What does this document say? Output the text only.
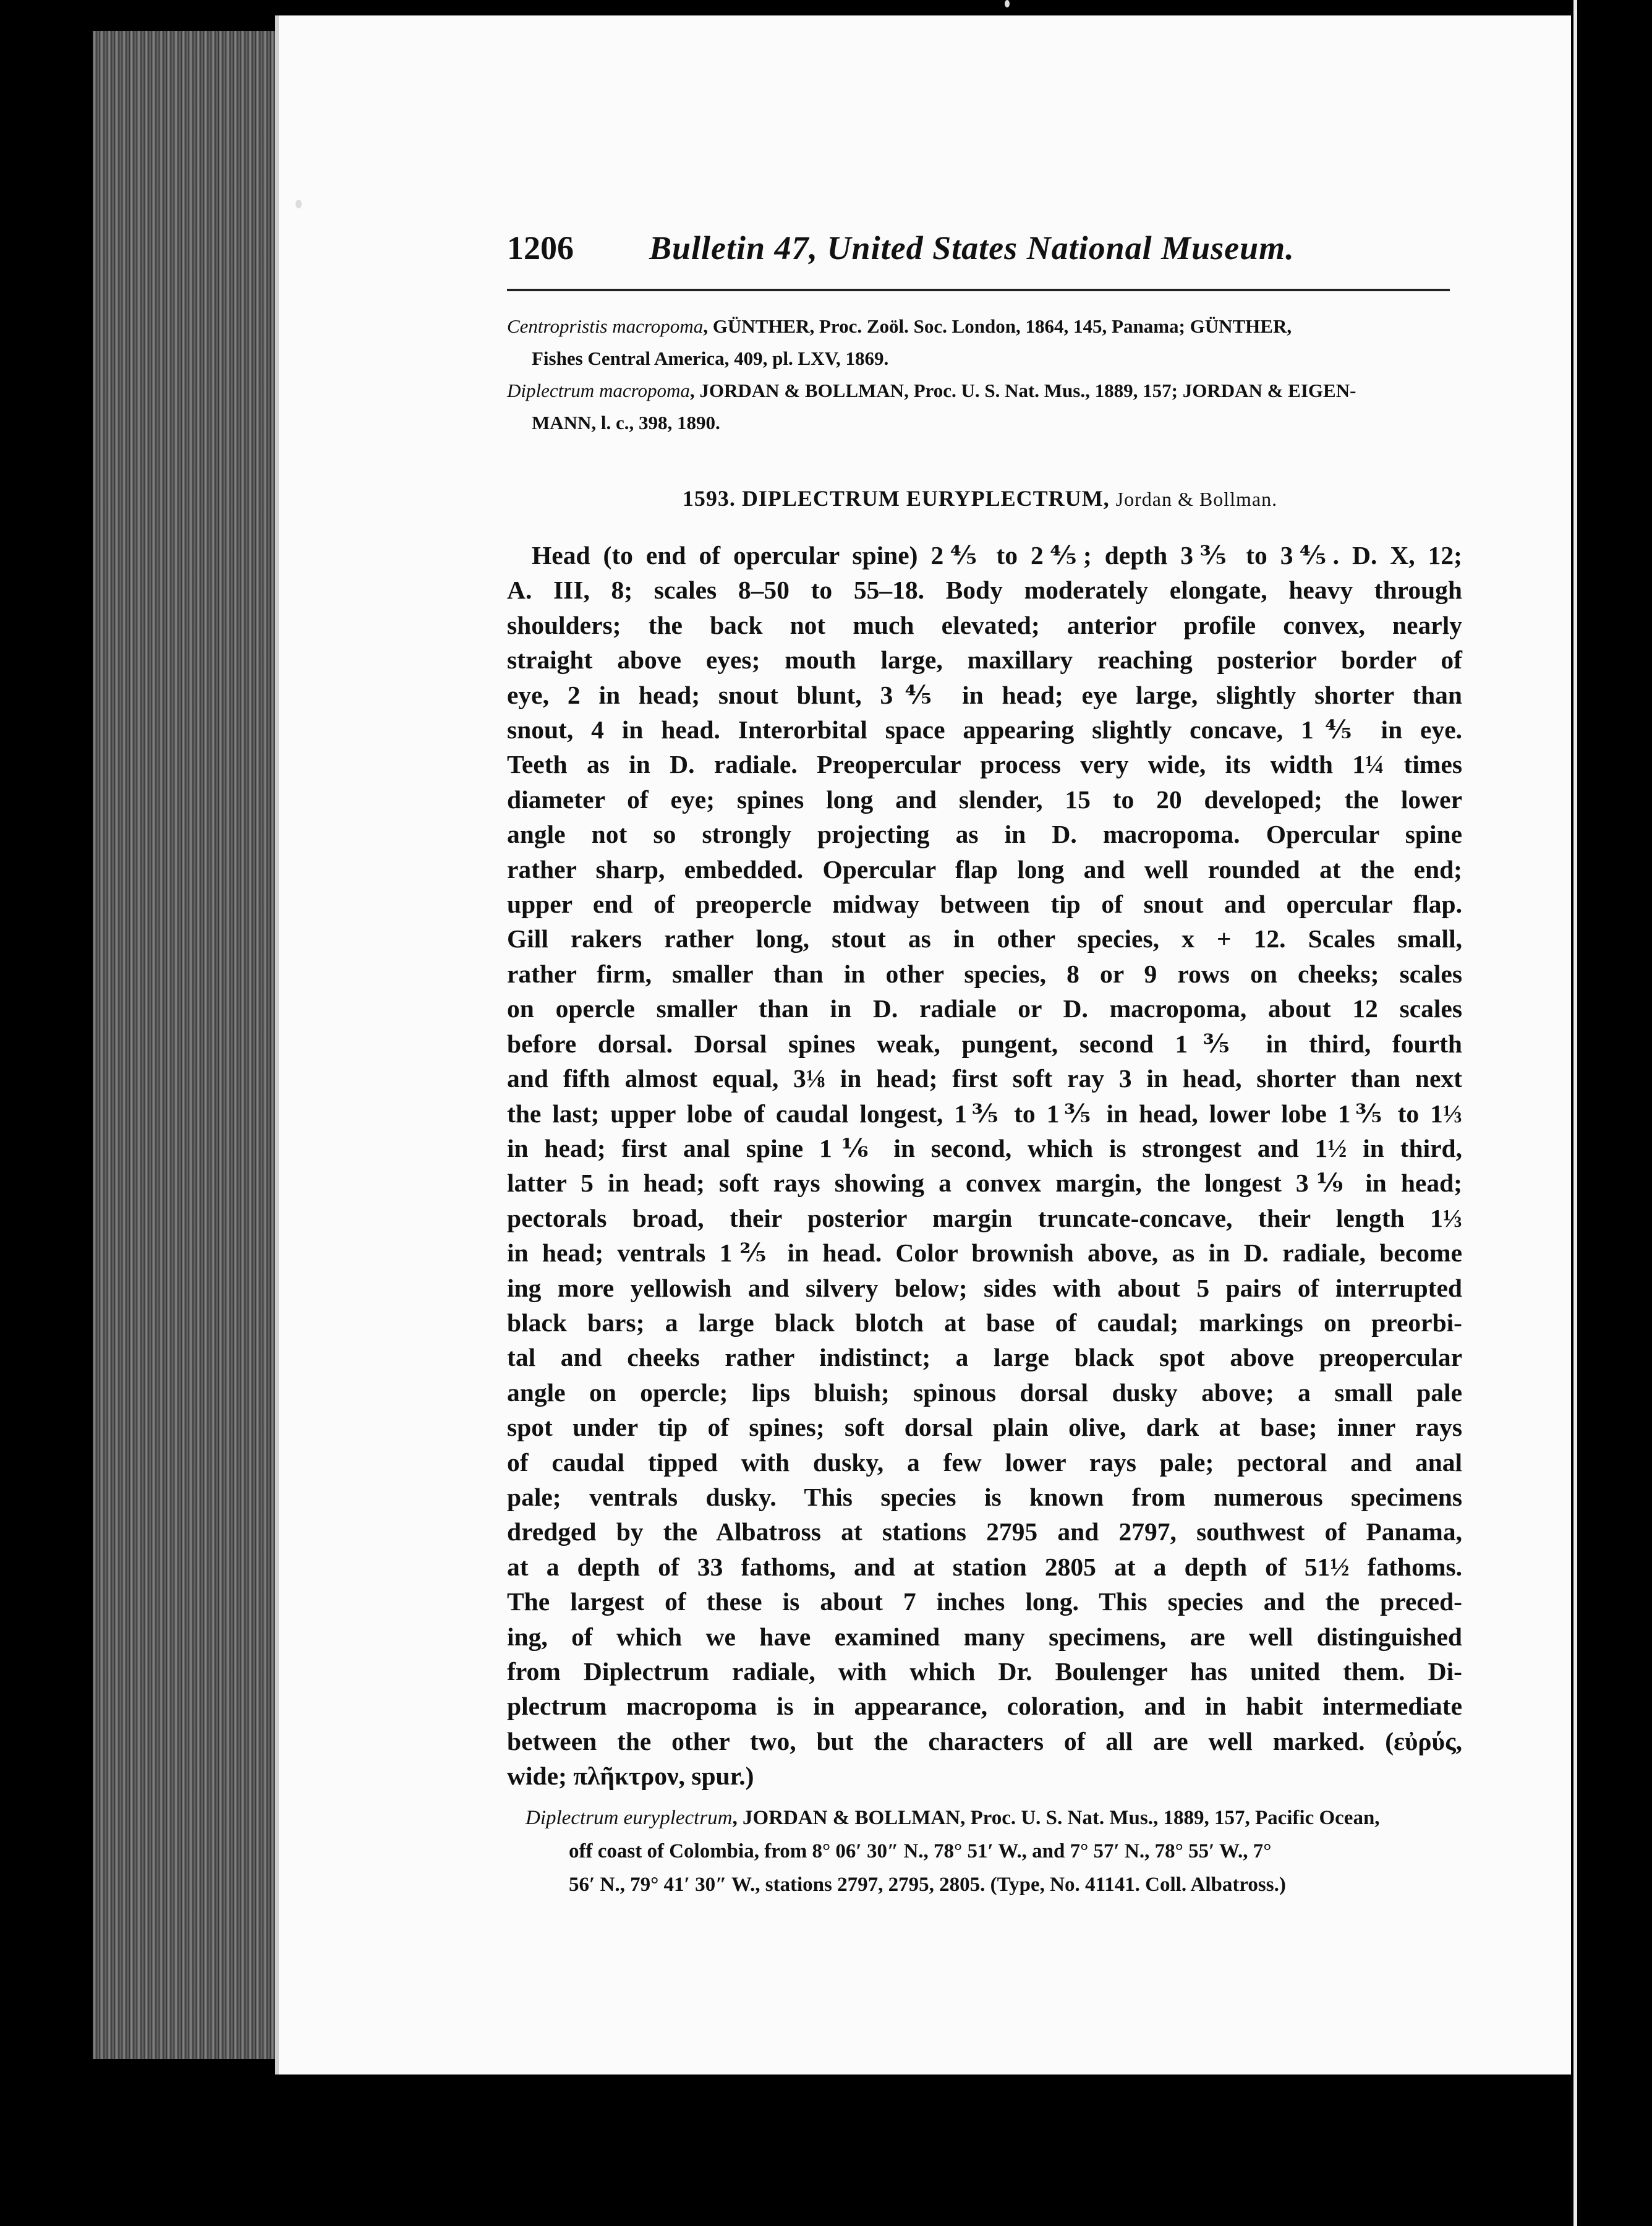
1206 Bulletin 47, United States National Museum.
Centropristis macropoma, GÜNTHER, Proc. Zoöl. Soc. London, 1864, 145, Panama; GÜNTHER,
Fishes Central America, 409, pl. LXV, 1869.
Diplectrum macropoma, JORDAN & BOLLMAN, Proc. U. S. Nat. Mus., 1889, 157; JORDAN & EIGEN-
MANN, l. c., 398, 1890.
1593. DIPLECTRUM EURYPLECTRUM, Jordan & Bollman.
Head (to end of opercular spine) 2⅘ to 2⅘; depth 3⅗ to 3⅘. D. X, 12;
A. III, 8; scales 8–50 to 55–18. Body moderately elongate, heavy through
shoulders; the back not much elevated; anterior profile convex, nearly
straight above eyes; mouth large, maxillary reaching posterior border of
eye, 2 in head; snout blunt, 3⅘ in head; eye large, slightly shorter than
snout, 4 in head. Interorbital space appearing slightly concave, 1⅘ in eye.
Teeth as in D. radiale. Preopercular process very wide, its width 1¼ times
diameter of eye; spines long and slender, 15 to 20 developed; the lower
angle not so strongly projecting as in D. macropoma. Opercular spine
rather sharp, embedded. Opercular flap long and well rounded at the end;
upper end of preopercle midway between tip of snout and opercular flap.
Gill rakers rather long, stout as in other species, x + 12. Scales small,
rather firm, smaller than in other species, 8 or 9 rows on cheeks; scales
on opercle smaller than in D. radiale or D. macropoma, about 12 scales
before dorsal. Dorsal spines weak, pungent, second 1⅗ in third, fourth
and fifth almost equal, 3⅛ in head; first soft ray 3 in head, shorter than next
the last; upper lobe of caudal longest, 1⅗ to 1⅗ in head, lower lobe 1⅗ to 1⅓
in head; first anal spine 1⅙ in second, which is strongest and 1½ in third,
latter 5 in head; soft rays showing a convex margin, the longest 3⅑ in head;
pectorals broad, their posterior margin truncate-concave, their length 1⅓
in head; ventrals 1⅖ in head. Color brownish above, as in D. radiale, become
ing more yellowish and silvery below; sides with about 5 pairs of interrupted
black bars; a large black blotch at base of caudal; markings on preorbi-
tal and cheeks rather indistinct; a large black spot above preopercular
angle on opercle; lips bluish; spinous dorsal dusky above; a small pale
spot under tip of spines; soft dorsal plain olive, dark at base; inner rays
of caudal tipped with dusky, a few lower rays pale; pectoral and anal
pale; ventrals dusky. This species is known from numerous specimens
dredged by the Albatross at stations 2795 and 2797, southwest of Panama,
at a depth of 33 fathoms, and at station 2805 at a depth of 51½ fathoms.
The largest of these is about 7 inches long. This species and the preced-
ing, of which we have examined many specimens, are well distinguished
from Diplectrum radiale, with which Dr. Boulenger has united them. Di-
plectrum macropoma is in appearance, coloration, and in habit intermediate
between the other two, but the characters of all are well marked. (εὐρύς,
wide; πλῆκτρον, spur.)
Diplectrum euryplectrum, JORDAN & BOLLMAN, Proc. U. S. Nat. Mus., 1889, 157, Pacific Ocean,
off coast of Colombia, from 8° 06′ 30″ N., 78° 51′ W., and 7° 57′ N., 78° 55′ W., 7°
56′ N., 79° 41′ 30″ W., stations 2797, 2795, 2805. (Type, No. 41141. Coll. Albatross.)
